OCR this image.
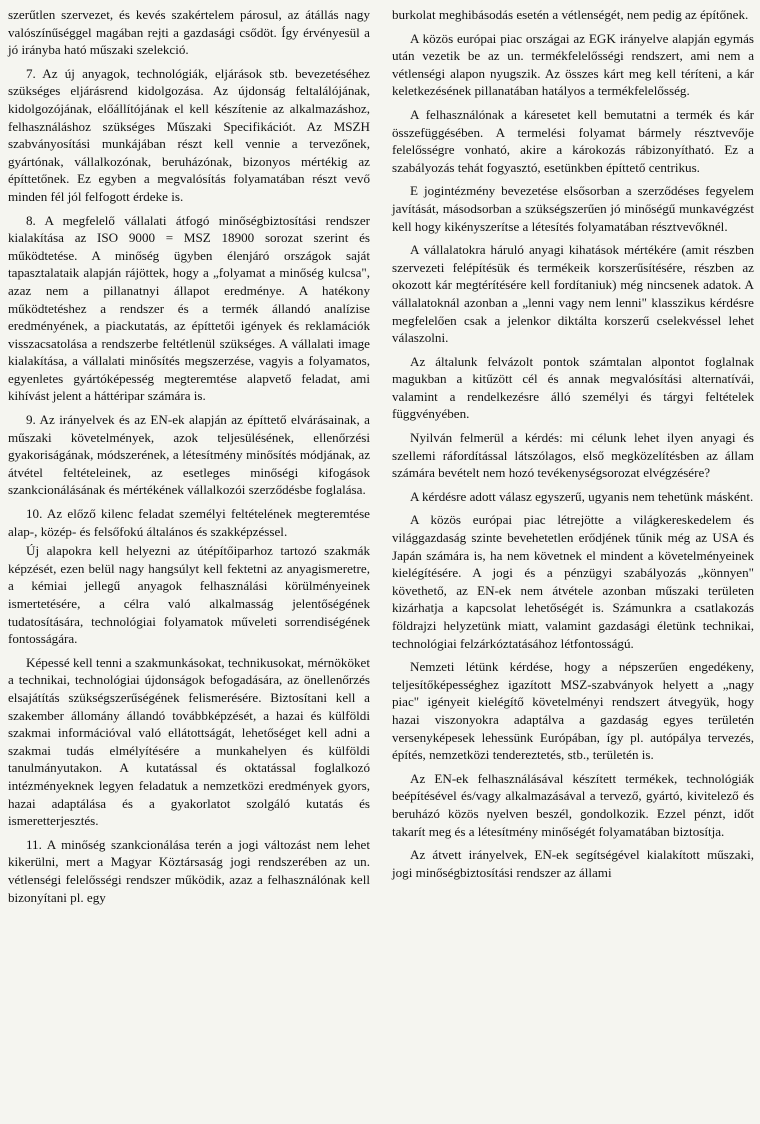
szerűtlen szervezet, és kevés szakértelem párosul, az átállás nagy valószínűséggel magában rejti a gazdasági csődöt. Így érvényesül a jó irányba ható műszaki szelekció.

7. Az új anyagok, technológiák, eljárások stb. bevezetéséhez szükséges eljárásrend kidolgozása. Az újdonság feltalálójának, kidolgozójának, előállítójának el kell készítenie az alkalmazáshoz, felhasználáshoz szükséges Műszaki Specifikációt. Az MSZH szabványosítási munkájában részt kell vennie a tervezőnek, gyártónak, vállalkozónak, beruházónak, bizonyos mértékig az építtetőnek. Ez egyben a megvalósítás folyamatában részt vevő minden fél jól felfogott érdeke is.

8. A megfelelő vállalati átfogó minőségbiztosítási rendszer kialakítása az ISO 9000 = MSZ 18900 sorozat szerint és működtetése. A minőség ügyben élenjáró országok saját tapasztalataik alapján rájöttek, hogy a „folyamat a minőség kulcsa", azaz nem a pillanatnyi állapot eredménye. A hatékony működtetéshez a rendszer és a termék állandó analízise eredményének, a piackutatás, az építtetői igények és reklamációk visszacsatolása a rendszerbe feltétlenül szükséges. A vállalati image kialakítása, a vállalati minősítés megszerzése, vagyis a folyamatos, egyenletes gyártóképesség megteremtése alapvető feladat, ami kihívást jelent a háttéripar számára is.

9. Az irányelvek és az EN-ek alapján az építtető elvárásainak, a műszaki követelmények, azok teljesülésének, ellenőrzési gyakoriságának, módszerének, a létesítmény minősítés módjának, az átvétel feltételeinek, az esetleges minőségi kifogások szankcionálásának és mértékének vállalkozói szerződésbe foglalása.

10. Az előző kilenc feladat személyi feltételének megteremtése alap-, közép- és felsőfokú általános és szakképzéssel.

Új alapokra kell helyezni az útépítőiparhoz tartozó szakmák képzését, ezen belül nagy hangsúlyt kell fektetni az anyagismeretre, a kémiai jellegű anyagok felhasználási körülményeinek ismertetésére, a célra való alkalmasság jelentőségének tudatosítására, technológiai folyamatok műveleti sorrendiségének fontosságára.

Képessé kell tenni a szakmunkásokat, technikusokat, mérnököket a technikai, technológiai újdonságok befogadására, az önellenőrzés elsajátítás szükségszerűségének felismerésére. Biztosítani kell a szakember állomány állandó továbbképzését, a hazai és külföldi szakmai információval való ellátottságát, lehetőséget kell adni a szakmai tudás elmélyítésére a munkahelyen és külföldi tanulmányutakon. A kutatással és oktatással foglalkozó intézményeknek legyen feladatuk a nemzetközi eredmények gyors, hazai adaptálása és a gyakorlatot szolgáló kutatás és ismeretterjesztés.

11. A minőség szankcionálása terén a jogi változást nem lehet kikerülni, mert a Magyar Köztársaság jogi rendszerében az un. vétlenségi felelősségi rendszer működik, azaz a felhasználónak kell bizonyítani pl. egy

burkolat meghibásodás esetén a vétlenségét, nem pedig az építőnek.

A közös európai piac országai az EGK irányelve alapján egymás után vezetik be az un. termékfelelősségi rendszert, ami nem a vétlenségi alapon nyugszik. Az összes kárt meg kell téríteni, a kár keletkezésének pillanatában hatályos a termékfelelősség.

A felhasználónak a káresetet kell bemutatni a termék és kár összefüggésében. A termelési folyamat bármely résztvevője felelősségre vonható, akire a károkozás rábizonyítható. Ez a szabályozás tehát fogyasztó, esetünkben építtető centrikus.

E jogintézmény bevezetése elsősorban a szerződéses fegyelem javítását, másodsorban a szükségszerűen jó minőségű munkavégzést kell hogy kikényszerítse a létesítés folyamatában résztvevőknél.

A vállalatokra háruló anyagi kihatások mértékére (amit részben szervezeti felépítésük és termékeik korszerűsítésére, részben az okozott kár megtérítésére kell fordítaniuk) még nincsenek adatok. A vállalatoknál azonban a „lenni vagy nem lenni" klasszikus kérdésre megfelelően csak a jelenkor diktálta korszerű cselekvéssel lehet válaszolni.

Az általunk felvázolt pontok számtalan alpontot foglalnak magukban a kitűzött cél és annak megvalósítási alternatívái, valamint a rendelkezésre álló személyi és tárgyi feltételek függvényében.

Nyilván felmerül a kérdés: mi célunk lehet ilyen anyagi és szellemi ráfordítással látszólagos, első megközelítésben az állam számára bevételt nem hozó tevékenységsorozat elvégzésére?

A kérdésre adott válasz egyszerű, ugyanis nem tehetünk másként.

A közös európai piac létrejötte a világkereskedelem és világgazdaság szinte bevehetetlen erődjének tűnik még az USA és Japán számára is, ha nem követnek el mindent a követelményeinek kielégítésére. A jogi és a pénzügyi szabályozás „könnyen" követhető, az EN-ek nem átvétele azonban műszaki területen kizárhatja a kapcsolat lehetőségét is. Számunkra a csatlakozás földrajzi helyzetünk miatt, valamint gazdasági életünk technikai, technológiai felzárkóztatásához létfontosságú.

Nemzeti létünk kérdése, hogy a népszerűen engedékeny, teljesítőképességhez igazított MSZ-szabványok helyett a „nagy piac" igényeit kielégítő követelményi rendszert átvegyük, hogy hazai viszonyokra adaptálva a gazdaság egyes területén versenyképesek lehessünk Európában, így pl. autópálya tervezés, építés, nemzetközi tendereztetés, stb., területén is.

Az EN-ek felhasználásával készített termékek, technológiák beépítésével és/vagy alkalmazásával a tervező, gyártó, kivitelező és beruházó közös nyelven beszél, gondolkozik. Ezzel pénzt, időt takarít meg és a létesítmény minőségét folyamatában biztosítja.

Az átvett irányelvek, EN-ek segítségével kialakított műszaki, jogi minőségbiztosítási rendszer az állami
